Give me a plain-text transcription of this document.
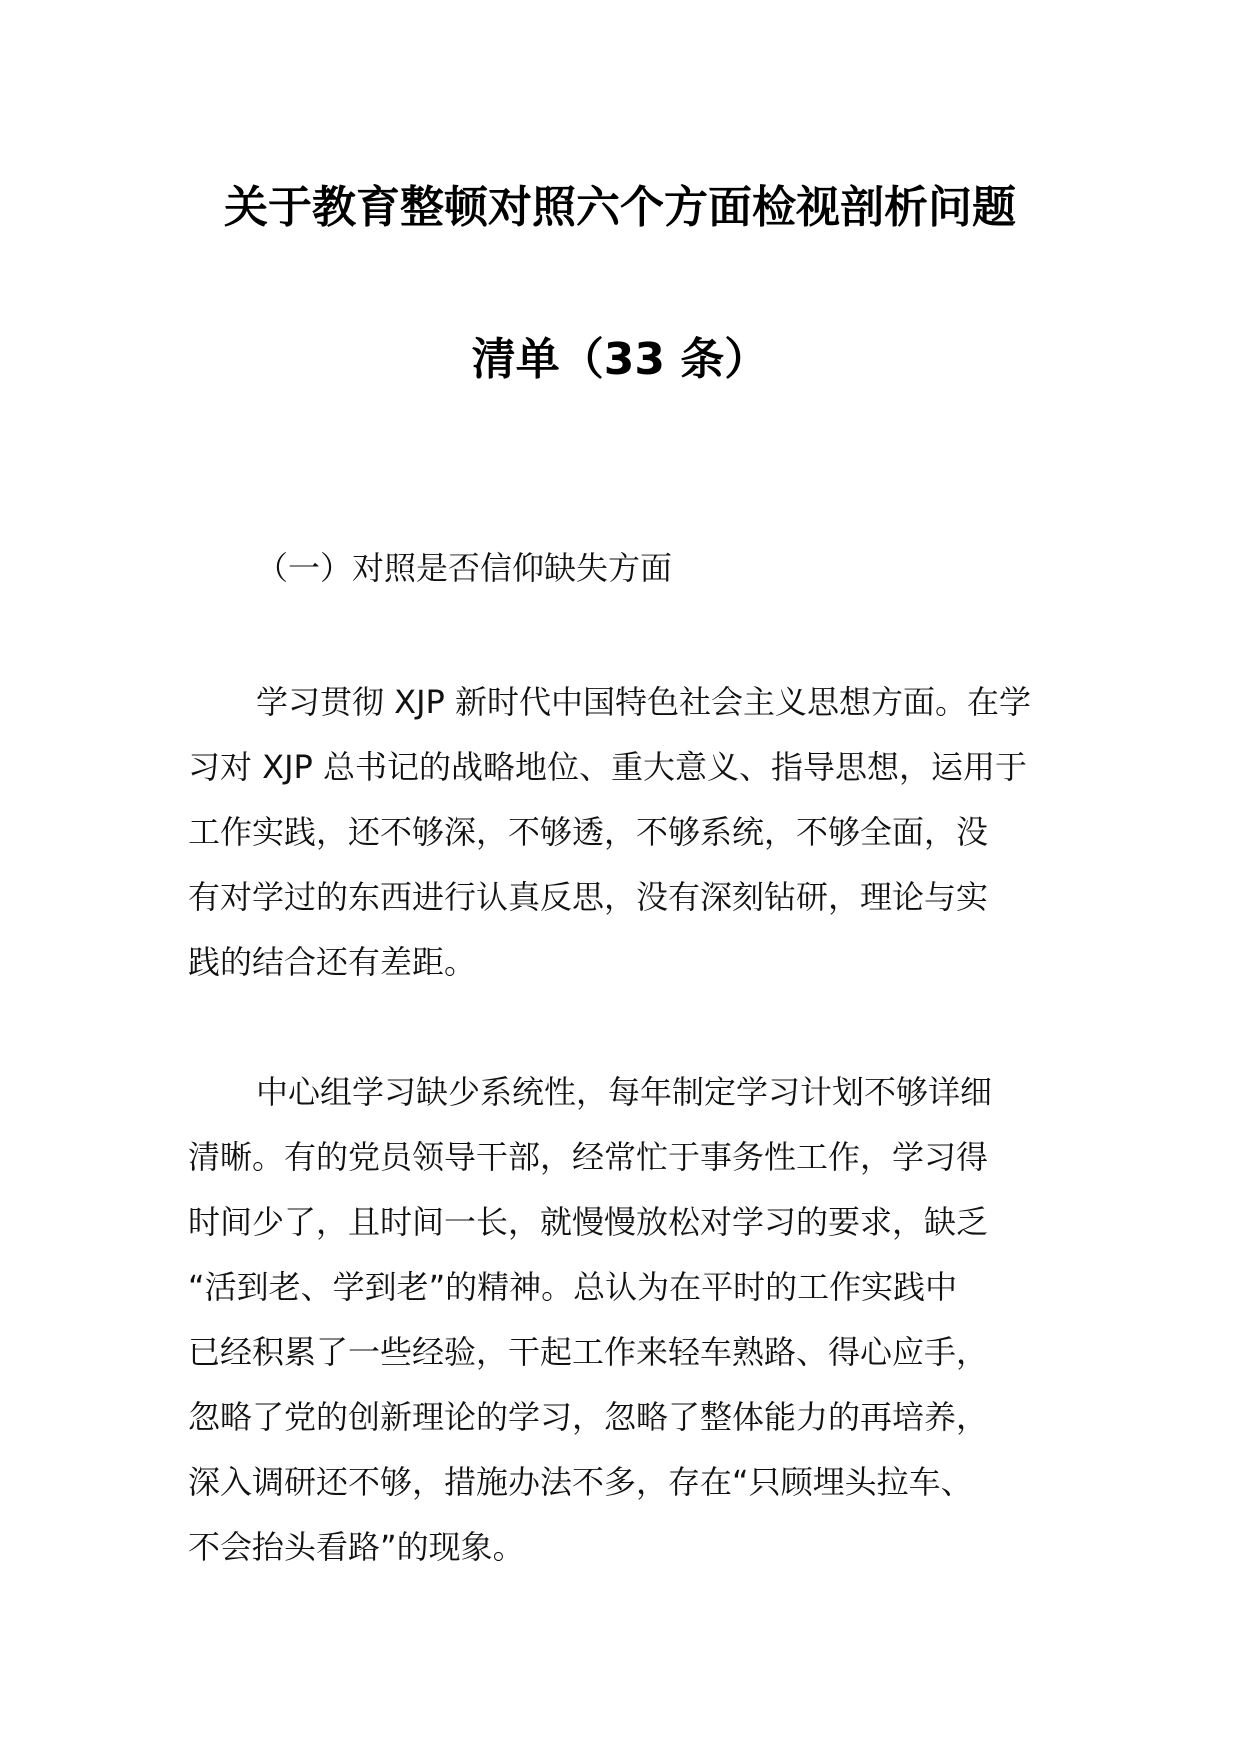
关于教育整顿对照六个方面检视剖析问题
清单（33 条）
（一）对照是否信仰缺失方面
学习贯彻 XJP 新时代中国特色社会主义思想方面。在学
习对 XJP 总书记的战略地位、重大意义、指导思想，运用于
工作实践，还不够深，不够透，不够系统，不够全面，没
有对学过的东西进行认真反思，没有深刻钻研，理论与实
践的结合还有差距。
中心组学习缺少系统性，每年制定学习计划不够详细
清晰。有的党员领导干部，经常忙于事务性工作，学习得
时间少了，且时间一长，就慢慢放松对学习的要求，缺乏
“活到老、学到老”的精神。总认为在平时的工作实践中
已经积累了一些经验，干起工作来轻车熟路、得心应手，
忽略了党的创新理论的学习，忽略了整体能力的再培养，
深入调研还不够，措施办法不多，存在“只顾埋头拉车、
不会抬头看路”的现象。
